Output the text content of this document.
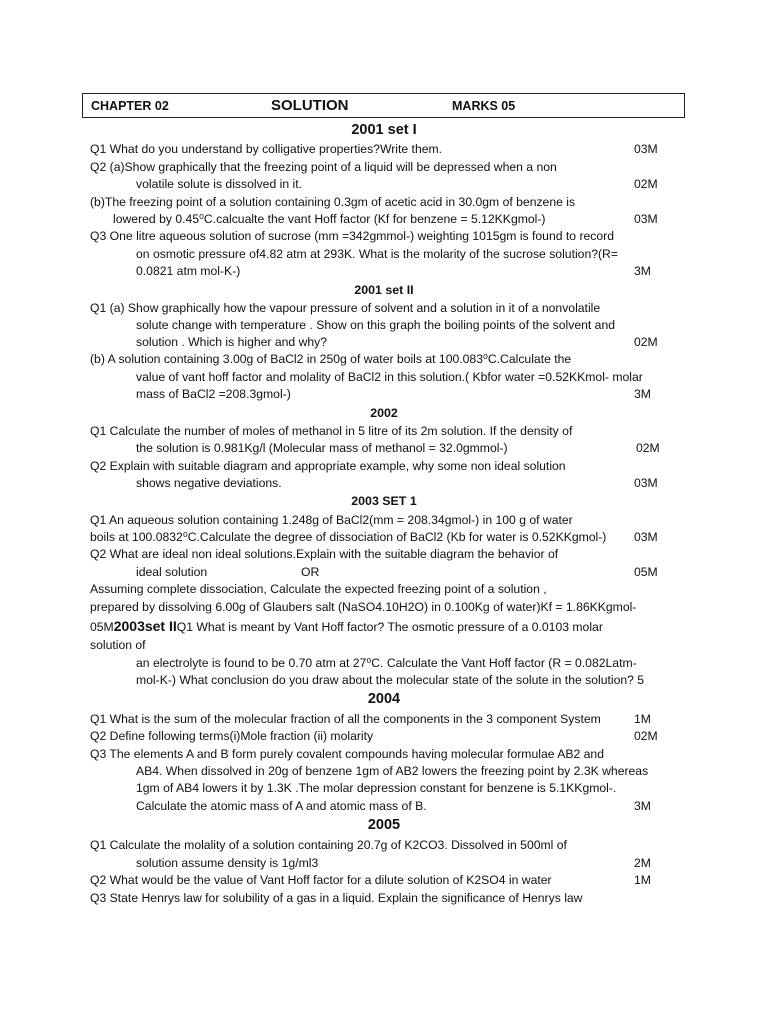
CHAPTER 02	SOLUTION	MARKS 05
2001 set I
Q1 What do you understand by colligative properties?Write them.	03M
Q2 (a)Show graphically that the freezing point of a liquid will be depressed when a non
volatile solute is dissolved in it.	02M
(b)The freezing point of a solution containing 0.3gm of acetic acid in 30.0gm of benzene is
lowered by 0.45⁰C.calcualte the vant Hoff factor (Kf for benzene = 5.12KKgmol-)	03M
Q3 One litre aqueous solution of sucrose (mm =342gmmol-) weighting 1015gm is found to record
on osmotic pressure of4.82 atm at 293K. What is the molarity of the sucrose solution?(R=
0.0821 atm mol-K-)	3M
2001 set II
Q1 (a) Show graphically how the vapour pressure of solvent and a solution in it of a nonvolatile
solute change with temperature . Show on this graph the boiling points of the solvent and
solution . Which is higher and why?	02M
(b) A solution containing 3.00g of BaCl2 in 250g of water boils at 100.083⁰C.Calculate the
value of vant hoff factor and molality of BaCl2 in this solution.( Kbfor water =0.52KKmol- molar
mass of BaCl2 =208.3gmol-)	3M
2002
Q1 Calculate the number of moles of methanol in 5 litre of its 2m solution. If the density of
the solution is 0.981Kg/l (Molecular mass of methanol = 32.0gmmol-)	02M
Q2 Explain with suitable diagram and appropriate example, why some non ideal solution
shows negative deviations.	03M
2003 SET 1
Q1 An aqueous solution containing 1.248g of BaCl2(mm = 208.34gmol-) in 100 g of water
boils at 100.0832⁰C.Calculate the degree of dissociation of BaCl2 (Kb for water is 0.52KKgmol-) 03M
Q2 What are ideal non ideal solutions.Explain with the suitable diagram the behavior of
ideal solution	OR	05M
Assuming complete dissociation, Calculate the expected freezing point of a solution ,
prepared by dissolving 6.00g of Glaubers salt (NaSO4.10H2O) in 0.100Kg of water)Kf = 1.86KKgmol-
05M2003set IIQ1 What is meant by Vant Hoff factor? The osmotic pressure of a 0.0103 molar
solution of
an electrolyte is found to be 0.70 atm at 27⁰C. Calculate the Vant Hoff factor (R = 0.082Latm-
mol-K-) What conclusion do you draw about the molecular state of the solute in the solution? 5
2004
Q1 What is the sum of the molecular fraction of all the components in the 3 component System	1M
Q2 Define following terms(i)Mole fraction (ii) molarity	02M
Q3 The elements A and B form purely covalent compounds having molecular formulae AB2 and
AB4. When dissolved in 20g of benzene 1gm of AB2 lowers the freezing point by 2.3K whereas
1gm of AB4 lowers it by 1.3K .The molar depression constant for benzene is 5.1KKgmol-.
Calculate the atomic mass of A and atomic mass of B.	3M
2005
Q1 Calculate the molality of a solution containing 20.7g of K2CO3. Dissolved in 500ml of
solution assume density is 1g/ml3	2M
Q2 What would be the value of Vant Hoff factor for a dilute solution of K2SO4 in water	1M
Q3 State Henrys law for solubility of a gas in a liquid. Explain the significance of Henrys law
